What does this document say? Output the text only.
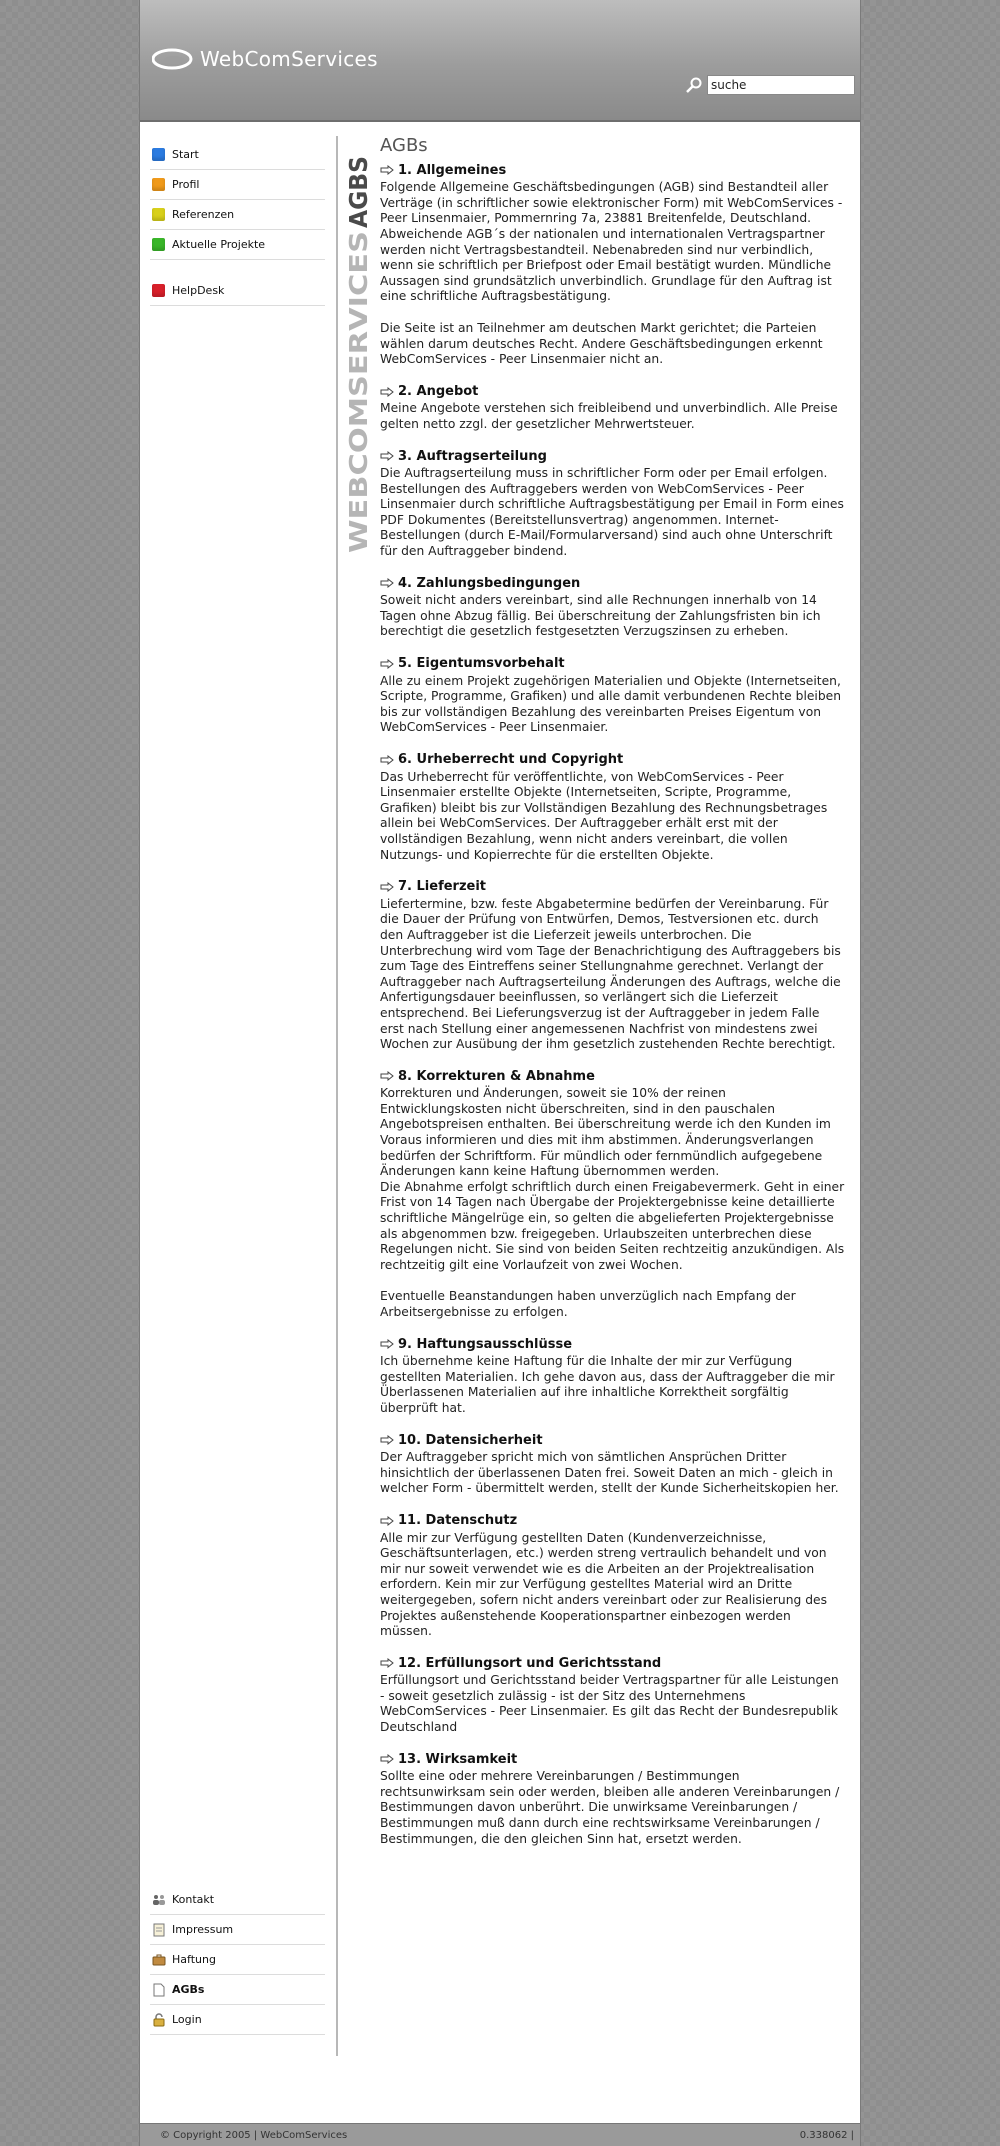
WebComServices
suche
Start
Profil
Referenzen
Aktuelle Projekte
HelpDesk	WEBCOMSERVICES
AGBS
AGBs
1. Allgemeines

Folgende Allgemeine Geschäftsbedingungen (AGB) sind Bestandteil aller Verträge (in schriftlicher sowie elektronischer Form) mit WebComServices - Peer Linsenmaier, Pommernring 7a, 23881 Breitenfelde, Deutschland. Abweichende AGB´s der nationalen und internationalen Vertragspartner werden nicht Vertragsbestandteil. Nebenabreden sind nur verbindlich, wenn sie schriftlich per Briefpost oder Email bestätigt wurden. Mündliche Aussagen sind grundsätzlich unverbindlich. Grundlage für den Auftrag ist eine schriftliche Auftragsbestätigung.

Die Seite ist an Teilnehmer am deutschen Markt gerichtet; die Parteien wählen darum deutsches Recht. Andere Geschäftsbedingungen erkennt WebComServices - Peer Linsenmaier nicht an.

2. Angebot

Meine Angebote verstehen sich freibleibend und unverbindlich. Alle Preise gelten netto zzgl. der gesetzlicher Mehrwertsteuer.

3. Auftragserteilung

Die Auftragserteilung muss in schriftlicher Form oder per Email erfolgen. Bestellungen des Auftraggebers werden von WebComServices - Peer Linsenmaier durch schriftliche Auftragsbestätigung per Email in Form eines PDF Dokumentes (Bereitstellunsvertrag) angenommen. Internet-Bestellungen (durch E-Mail/Formularversand) sind auch ohne Unterschrift für den Auftraggeber bindend.

4. Zahlungsbedingungen

Soweit nicht anders vereinbart, sind alle Rechnungen innerhalb von 14 Tagen ohne Abzug fällig. Bei überschreitung der Zahlungsfristen bin ich berechtigt die gesetzlich festgesetzten Verzugszinsen zu erheben.

5. Eigentumsvorbehalt

Alle zu einem Projekt zugehörigen Materialien und Objekte (Internetseiten, Scripte, Programme, Grafiken) und alle damit verbundenen Rechte bleiben bis zur vollständigen Bezahlung des vereinbarten Preises Eigentum von WebComServices - Peer Linsenmaier.

6. Urheberrecht und Copyright

Das Urheberrecht für veröffentlichte, von WebComServices - Peer Linsenmaier erstellte Objekte (Internetseiten, Scripte, Programme, Grafiken) bleibt bis zur Vollständigen Bezahlung des Rechnungsbetrages allein bei WebComServices. Der Auftraggeber erhält erst mit der vollständigen Bezahlung, wenn nicht anders vereinbart, die vollen Nutzungs- und Kopierrechte für die erstellten Objekte.

7. Lieferzeit

Liefertermine, bzw. feste Abgabetermine bedürfen der Vereinbarung. Für die Dauer der Prüfung von Entwürfen, Demos, Testversionen etc. durch den Auftraggeber ist die Lieferzeit jeweils unterbrochen. Die Unterbrechung wird vom Tage der Benachrichtigung des Auftraggebers bis zum Tage des Eintreffens seiner Stellungnahme gerechnet. Verlangt der Auftraggeber nach Auftragserteilung Änderungen des Auftrags, welche die Anfertigungsdauer beeinflussen, so verlängert sich die Lieferzeit entsprechend. Bei Lieferungsverzug ist der Auftraggeber in jedem Falle erst nach Stellung einer angemessenen Nachfrist von mindestens zwei Wochen zur Ausübung der ihm gesetzlich zustehenden Rechte berechtigt.

8. Korrekturen & Abnahme

Korrekturen und Änderungen, soweit sie 10% der reinen Entwicklungskosten nicht überschreiten, sind in den pauschalen Angebotspreisen enthalten. Bei überschreitung werde ich den Kunden im Voraus informieren und dies mit ihm abstimmen. Änderungsverlangen bedürfen der Schriftform. Für mündlich oder fernmündlich aufgegebene Änderungen kann keine Haftung übernommen werden.
Die Abnahme erfolgt schriftlich durch einen Freigabevermerk. Geht in einer Frist von 14 Tagen nach Übergabe der Projektergebnisse keine detaillierte schriftliche Mängelrüge ein, so gelten die abgelieferten Projektergebnisse als abgenommen bzw. freigegeben. Urlaubszeiten unterbrechen diese Regelungen nicht. Sie sind von beiden Seiten rechtzeitig anzukündigen. Als rechtzeitig gilt eine Vorlaufzeit von zwei Wochen.

Eventuelle Beanstandungen haben unverzüglich nach Empfang der Arbeitsergebnisse zu erfolgen.

9. Haftungsausschlüsse

Ich übernehme keine Haftung für die Inhalte der mir zur Verfügung gestellten Materialien. Ich gehe davon aus, dass der Auftraggeber die mir Überlassenen Materialien auf ihre inhaltliche Korrektheit sorgfältig überprüft hat.

10. Datensicherheit

Der Auftraggeber spricht mich von sämtlichen Ansprüchen Dritter hinsichtlich der überlassenen Daten frei. Soweit Daten an mich - gleich in welcher Form - übermittelt werden, stellt der Kunde Sicherheitskopien her.

11. Datenschutz

Alle mir zur Verfügung gestellten Daten (Kundenverzeichnisse, Geschäftsunterlagen, etc.) werden streng vertraulich behandelt und von mir nur soweit verwendet wie es die Arbeiten an der Projektrealisation erfordern. Kein mir zur Verfügung gestelltes Material wird an Dritte weitergegeben, sofern nicht anders vereinbart oder zur Realisierung des Projektes außenstehende Kooperationspartner einbezogen werden müssen.

12. Erfüllungsort und Gerichtsstand

Erfüllungsort und Gerichtsstand beider Vertragspartner für alle Leistungen - soweit gesetzlich zulässig - ist der Sitz des Unternehmens WebComServices - Peer Linsenmaier. Es gilt das Recht der Bundesrepublik Deutschland

13. Wirksamkeit

Sollte eine oder mehrere Vereinbarungen / Bestimmungen rechtsunwirksam sein oder werden, bleiben alle anderen Vereinbarungen / Bestimmungen davon unberührt. Die unwirksame Vereinbarungen / Bestimmungen muß dann durch eine rechtswirksame Vereinbarungen / Bestimmungen, die den gleichen Sinn hat, ersetzt werden.

Kontakt
Impressum
Haftung
AGBs
Login
© Copyright 2005 | WebComServices	0.338062 |
